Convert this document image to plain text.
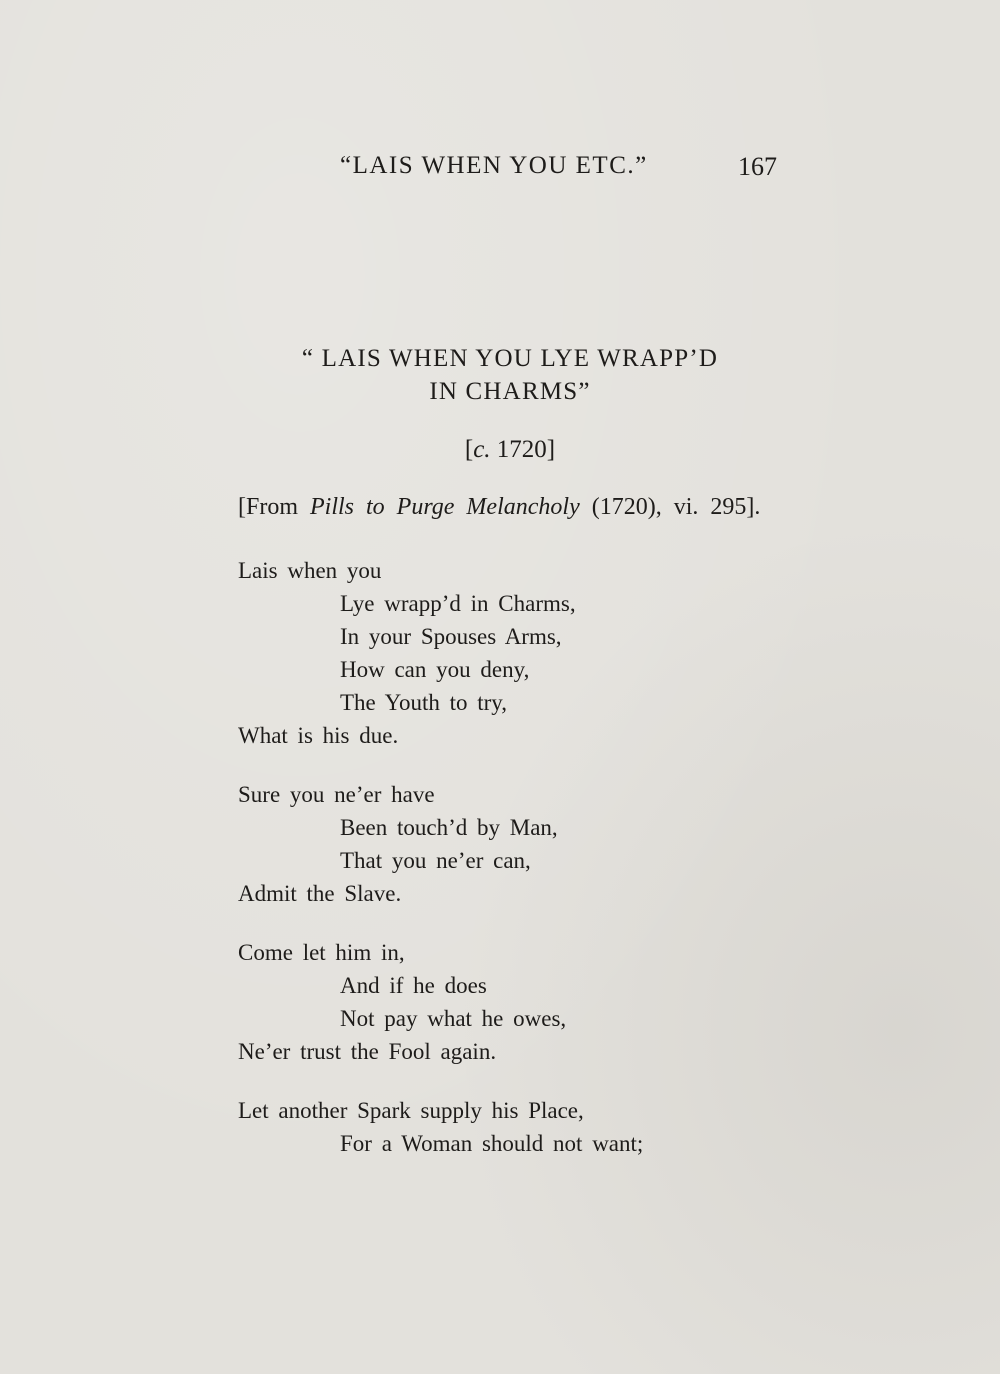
“LAIS WHEN YOU ETC.”	167
“ LAIS WHEN YOU LYE WRAPP’D
IN CHARMS”
[c. 1720]
[From Pills to Purge Melancholy (1720), vi. 295].
Lais when you
Lye wrapp’d in Charms,
In your Spouses Arms,
How can you deny,
The Youth to try,
What is his due.
Sure you ne’er have
Been touch’d by Man,
That you ne’er can,
Admit the Slave.
Come let him in,
And if he does
Not pay what he owes,
Ne’er trust the Fool again.
Let another Spark supply his Place,
For a Woman should not want;
